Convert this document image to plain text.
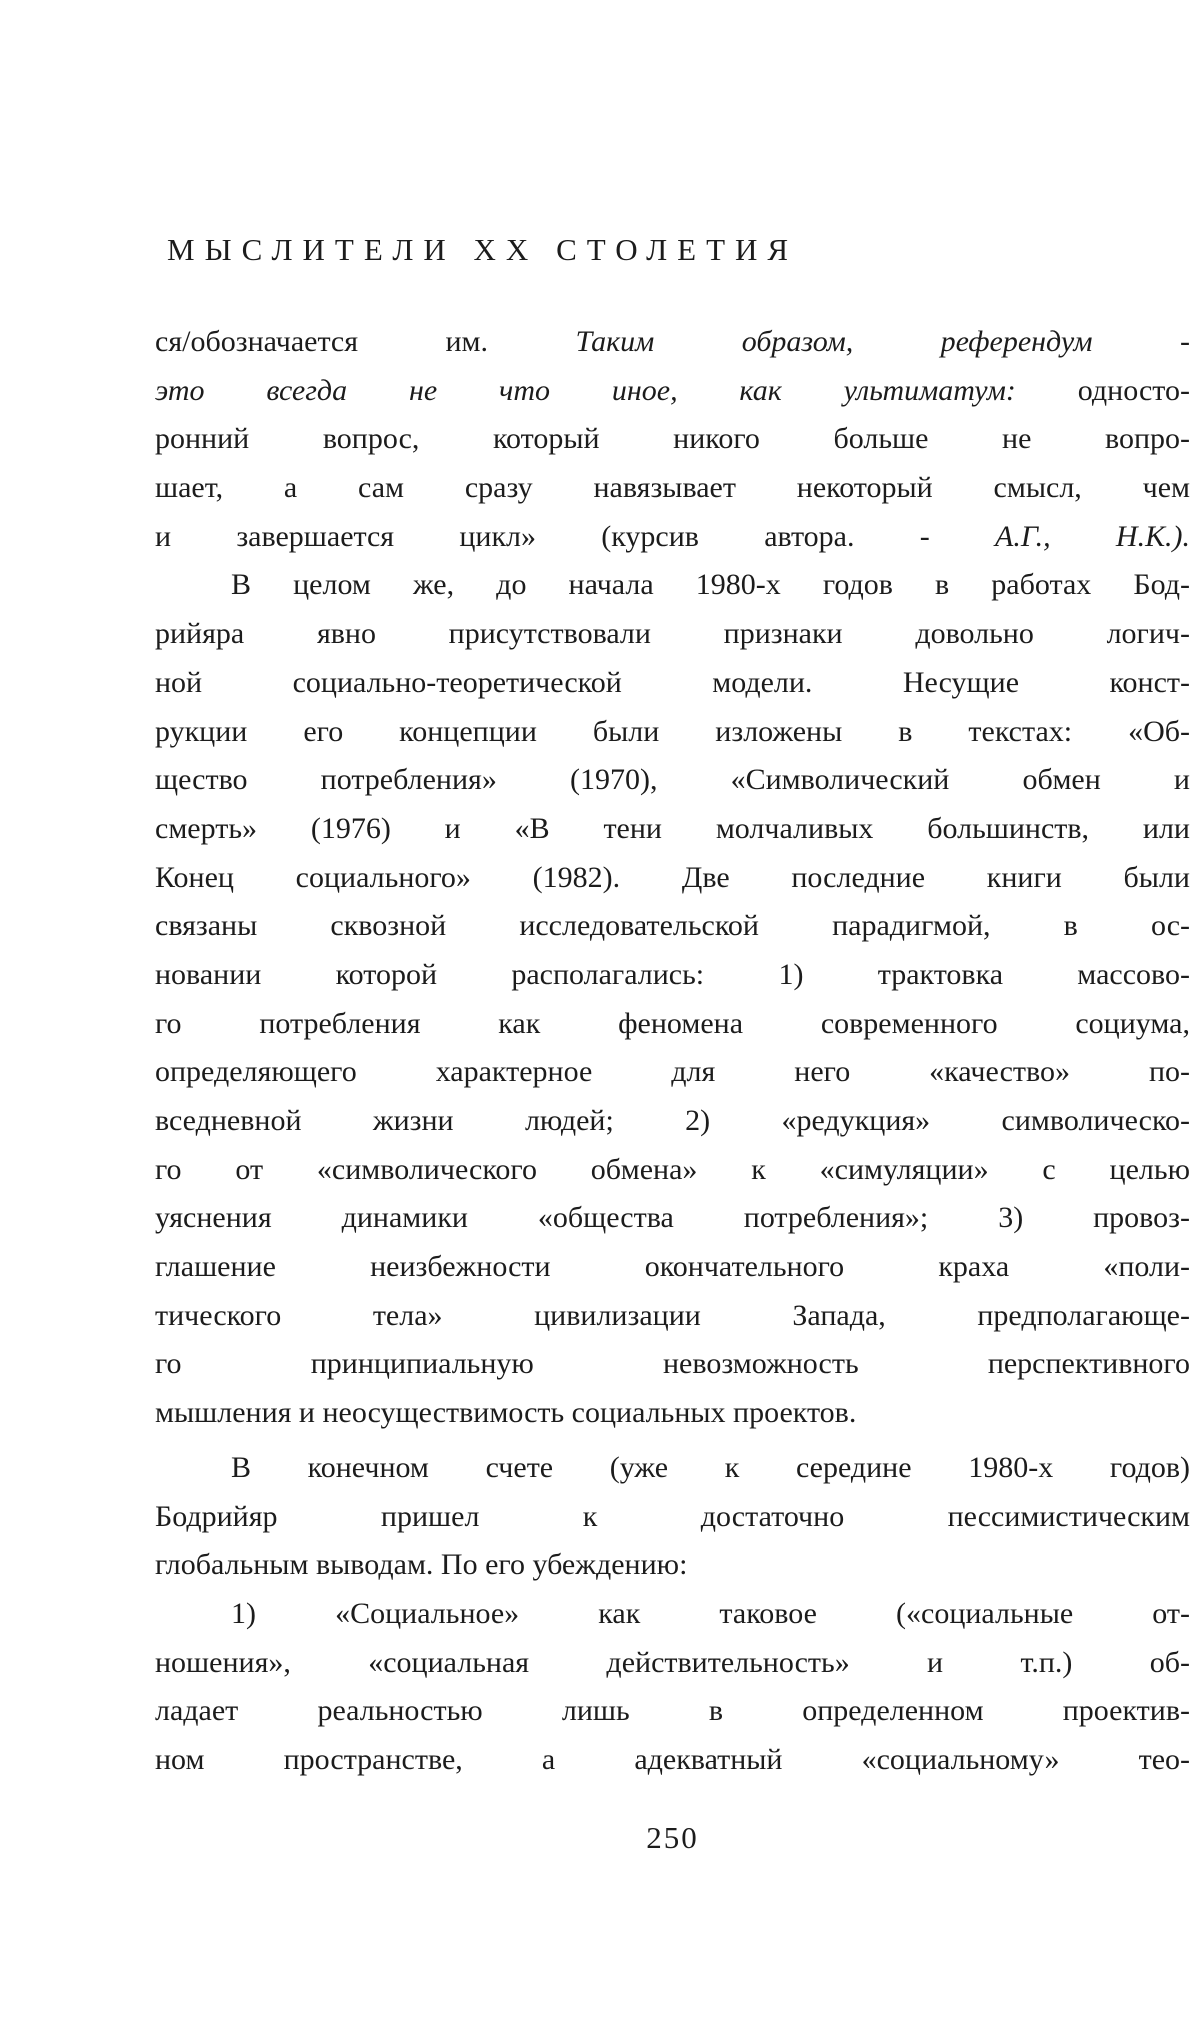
МЫСЛИТЕЛИ ХХ СТОЛЕТИЯ
ся/обозначается им. Таким образом, референдум -
это всегда не что иное, как ультиматум: односто-
ронний вопрос, который никого больше не вопро-
шает, а сам сразу навязывает некоторый смысл, чем
и завершается цикл» (курсив автора. - А.Г., Н.К.).
В целом же, до начала 1980-х годов в работах Бод-
рийяра явно присутствовали признаки довольно логич-
ной социально-теоретической модели. Несущие конст-
рукции его концепции были изложены в текстах: «Об-
щество потребления» (1970), «Символический обмен и
смерть» (1976) и «В тени молчаливых большинств, или
Конец социального» (1982). Две последние книги были
связаны сквозной исследовательской парадигмой, в ос-
новании которой располагались: 1) трактовка массово-
го потребления как феномена современного социума,
определяющего характерное для него «качество» по-
вседневной жизни людей; 2) «редукция» символическо-
го от «символического обмена» к «симуляции» с целью
уяснения динамики «общества потребления»; 3) провоз-
глашение неизбежности окончательного краха «поли-
тического тела» цивилизации Запада, предполагающе-
го принципиальную невозможность перспективного
мышления и неосуществимость социальных проектов.
В конечном счете (уже к середине 1980-х годов)
Бодрийяр пришел к достаточно пессимистическим
глобальным выводам. По его убеждению:
1) «Социальное» как таковое («социальные от-
ношения», «социальная действительность» и т.п.) об-
ладает реальностью лишь в определенном проектив-
ном пространстве, а адекватный «социальному» тео-
250
